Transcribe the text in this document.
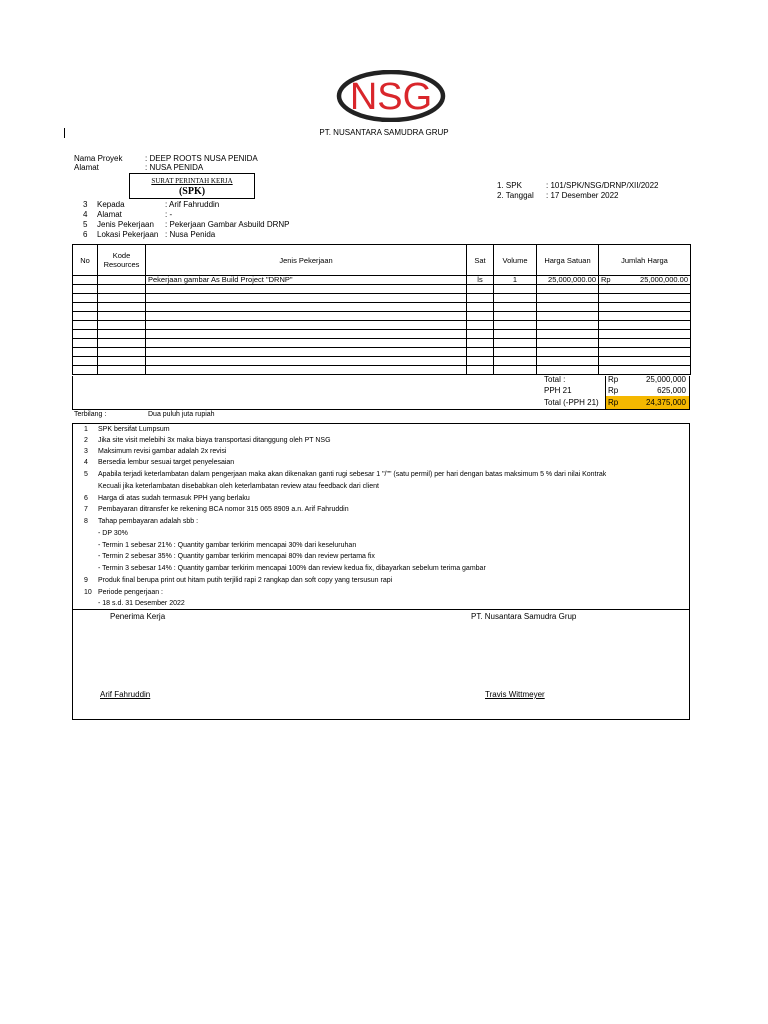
NSG
PT. NUSANTARA SAMUDRA GRUP
Nama Proyek	: DEEP ROOTS NUSA PENIDA
Alamat	: NUSA PENIDA
SURAT PERINTAH KERJA
(SPK)
1. SPK	: 101/SPK/NSG/DRNP/XII/2022
2. Tanggal : 17 Desember 2022
3 Kepada	: Arif Fahruddin
4 Alamat	: -
5 Jenis Pekerjaan : Pekerjaan Gambar Asbuild DRNP
6 Lokasi Pekerjaan : Nusa Penida
No	Kode Resources	Jenis Pekerjaan	Sat	Volume	Harga Satuan	Jumlah Harga
		Pekerjaan gambar As Build Project "DRNP"	ls	1	25,000,000.00	Rp 25,000,000.00

Total :	Rp	25,000,000
PPH 21	Rp	625,000
Total (-PPH 21) Rp	24,375,000
Terbilang :	Dua puluh juta rupiah
1 SPK bersifat Lumpsum
2 Jika site visit melebihi 3x maka biaya transportasi ditanggung oleh PT NSG
3 Maksimum revisi gambar adalah 2x revisi
4 Bersedia lembur sesuai target penyelesaian
5 Apabila terjadi keterlambatan dalam pengerjaan maka akan dikenakan ganti rugi sebesar 1 "/"" (satu permil) per hari dengan batas maksimum 5 % dari nilai Kontrak
Kecuali jika keterlambatan disebabkan oleh keterlambatan review atau feedback dari client
6 Harga di atas sudah termasuk PPH yang berlaku
7 Pembayaran ditransfer ke rekening BCA nomor 315 065 8909 a.n. Arif Fahruddin
8 Tahap pembayaran adalah sbb :
- DP 30%
- Termin 1 sebesar 21% : Quantity gambar terkirim mencapai 30% dari keseluruhan
- Termin 2 sebesar 35% : Quantity gambar terkirim mencapai 80% dan review pertama fix
- Termin 3 sebesar 14% : Quantity gambar terkirim mencapai 100% dan review kedua fix, dibayarkan sebelum terima gambar
9 Produk final berupa print out hitam putih terjilid rapi 2 rangkap dan soft copy yang tersusun rapi
10 Periode pengerjaan :
- 18 s.d. 31 Desember 2022
Penerima Kerja	PT. Nusantara Samudra Grup
Arif Fahruddin	Travis Wittmeyer
